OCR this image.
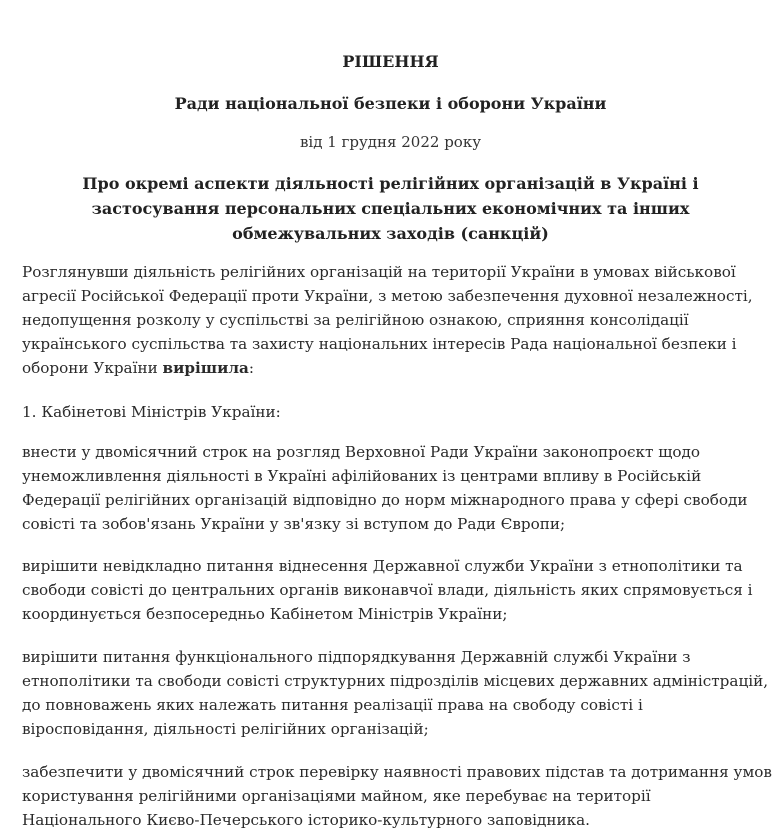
РІШЕННЯ
Ради національної безпеки і оборони України
від 1 грудня 2022 року
Про окремі аспекти діяльності релігійних організацій в Україні і застосування персональних спеціальних економічних та інших обмежувальних заходів (санкцій)

Розглянувши діяльність релігійних організацій на території України в умовах військової агресії Російської Федерації проти України, з метою забезпечення духовної незалежності, недопущення розколу у суспільстві за релігійною ознакою, сприяння консолідації українського суспільства та захисту національних інтересів Рада національної безпеки і оборони України вирішила:

1. Кабінетові Міністрів України:

внести у двомісячний строк на розгляд Верховної Ради України законопроєкт щодо унеможливлення діяльності в Україні афілійованих із центрами впливу в Російській Федерації релігійних організацій відповідно до норм міжнародного права у сфері свободи совісті та зобов'язань України у зв'язку зі вступом до Ради Європи;

вирішити невідкладно питання віднесення Державної служби України з етнополітики та свободи совісті до центральних органів виконавчої влади, діяльність яких спрямовується і координується безпосередньо Кабінетом Міністрів України;

вирішити питання функціонального підпорядкування Державній службі України з етнополітики та свободи совісті структурних підрозділів місцевих державних адміністрацій, до повноважень яких належать питання реалізації права на свободу совісті і віросповідання, діяльності релігійних організацій;

забезпечити у двомісячний строк перевірку наявності правових підстав та дотримання умов користування релігійними організаціями майном, яке перебуває на території Національного Києво-Печерського історико-культурного заповідника.
